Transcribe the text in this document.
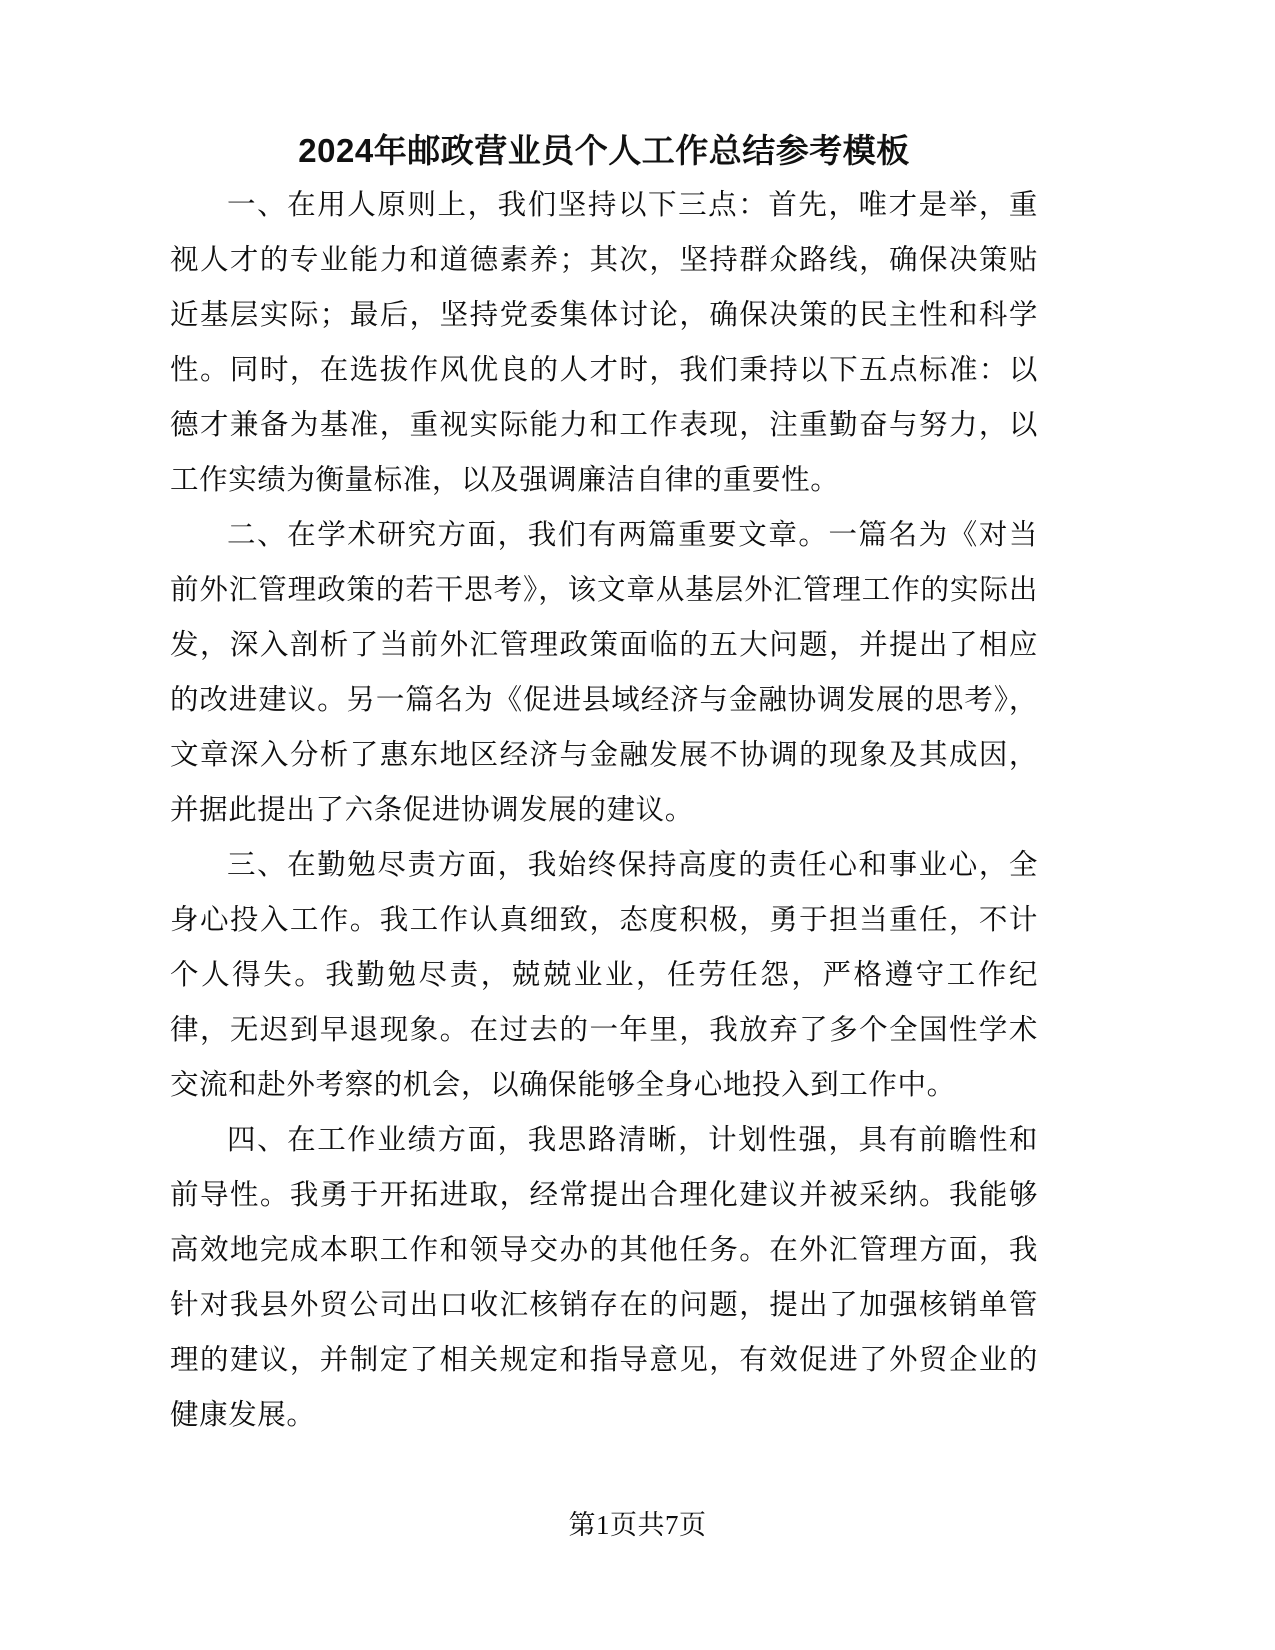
2024年邮政营业员个人工作总结参考模板

一、在用人原则上，我们坚持以下三点：首先，唯才是举，重视人才的专业能力和道德素养；其次，坚持群众路线，确保决策贴近基层实际；最后，坚持党委集体讨论，确保决策的民主性和科学性。同时，在选拔作风优良的人才时，我们秉持以下五点标准：以德才兼备为基准，重视实际能力和工作表现，注重勤奋与努力，以工作实绩为衡量标准，以及强调廉洁自律的重要性。

二、在学术研究方面，我们有两篇重要文章。一篇名为《对当前外汇管理政策的若干思考》，该文章从基层外汇管理工作的实际出发，深入剖析了当前外汇管理政策面临的五大问题，并提出了相应的改进建议。另一篇名为《促进县域经济与金融协调发展的思考》，文章深入分析了惠东地区经济与金融发展不协调的现象及其成因，并据此提出了六条促进协调发展的建议。

三、在勤勉尽责方面，我始终保持高度的责任心和事业心，全身心投入工作。我工作认真细致，态度积极，勇于担当重任，不计个人得失。我勤勉尽责，兢兢业业，任劳任怨，严格遵守工作纪律，无迟到早退现象。在过去的一年里，我放弃了多个全国性学术交流和赴外考察的机会，以确保能够全身心地投入到工作中。

四、在工作业绩方面，我思路清晰，计划性强，具有前瞻性和前导性。我勇于开拓进取，经常提出合理化建议并被采纳。我能够高效地完成本职工作和领导交办的其他任务。在外汇管理方面，我针对我县外贸公司出口收汇核销存在的问题，提出了加强核销单管理的建议，并制定了相关规定和指导意见，有效促进了外贸企业的健康发展。

第1页共7页
